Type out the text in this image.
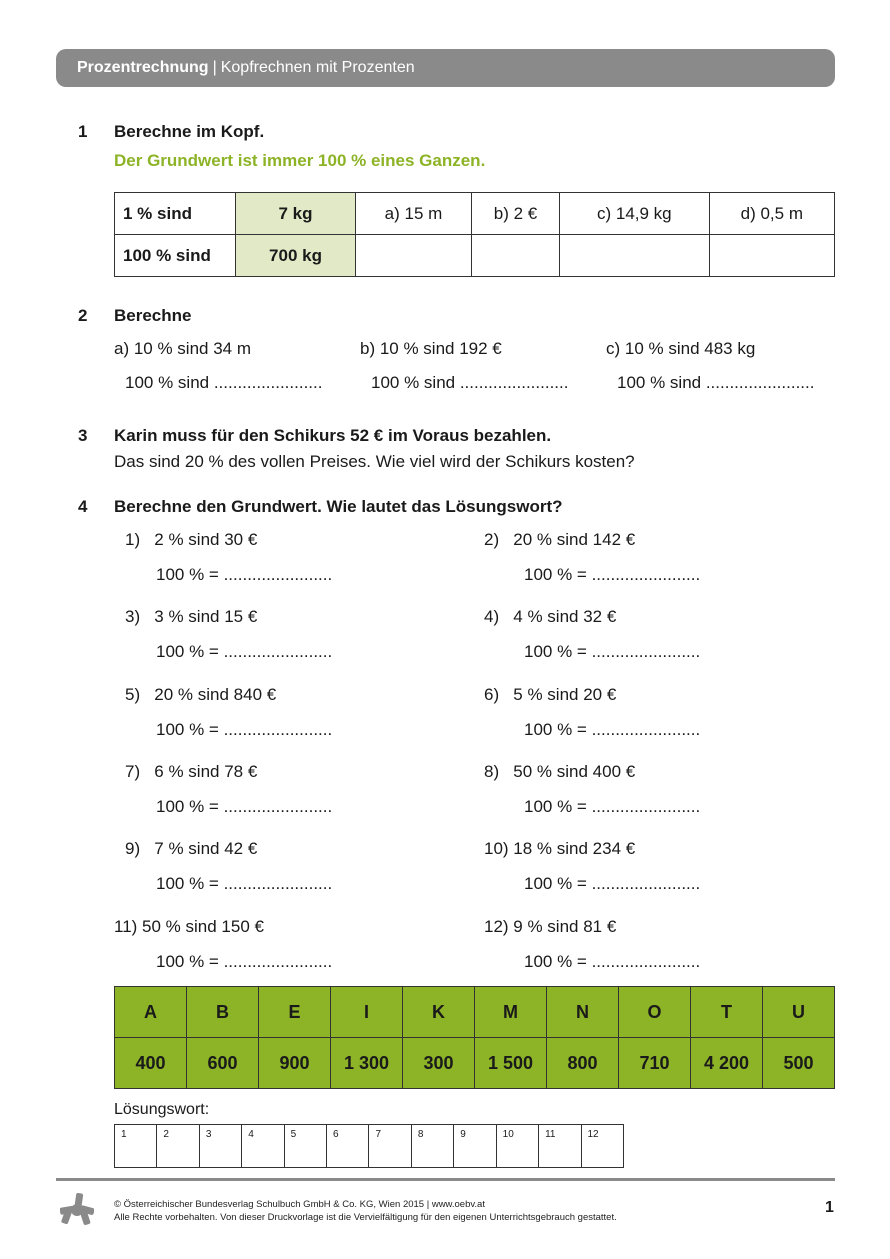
Prozentrechnung | Kopfrechnen mit Prozenten
1 Berechne im Kopf.
Der Grundwert ist immer 100 % eines Ganzen.
1 % sind	7 kg	a) 15 m	b) 2 €	c) 14,9 kg	d) 0,5 m
100 % sind	700 kg				
2 Berechne
a) 10 % sind 34 m	b) 10 % sind 192 €	c) 10 % sind 483 kg
100 % sind .......................	100 % sind .......................	100 % sind .......................
3 Karin muss für den Schikurs 52 € im Voraus bezahlen.
Das sind 20 % des vollen Preises. Wie viel wird der Schikurs kosten?
4 Berechne den Grundwert. Wie lautet das Lösungswort?
1)   2 % sind 30 €
100 % = .......................
2)   20 % sind 142 €
100 % = .......................
3)   3 % sind 15 €
100 % = .......................
4)   4 % sind 32 €
100 % = .......................
5)   20 % sind 840 €
100 % = .......................
6)   5 % sind 20 €
100 % = .......................
7)   6 % sind 78 €
100 % = .......................
8)   50 % sind 400 €
100 % = .......................
9)   7 % sind 42 €
100 % = .......................
10) 18 % sind 234 €
100 % = .......................
11) 50 % sind 150 €
100 % = .......................
12) 9 % sind 81 €
100 % = .......................
A	B	E	I	K	M	N	O	T	U
400	600	900	1 300	300	1 500	800	710	4 200	500
Lösungswort:
1	2	3	4	5	6	7	8	9	10	11	12
© Österreichischer Bundesverlag Schulbuch GmbH & Co. KG, Wien 2015 | www.oebv.at
Alle Rechte vorbehalten. Von dieser Druckvorlage ist die Vervielfältigung für den eigenen Unterrichtsgebrauch gestattet.
1
